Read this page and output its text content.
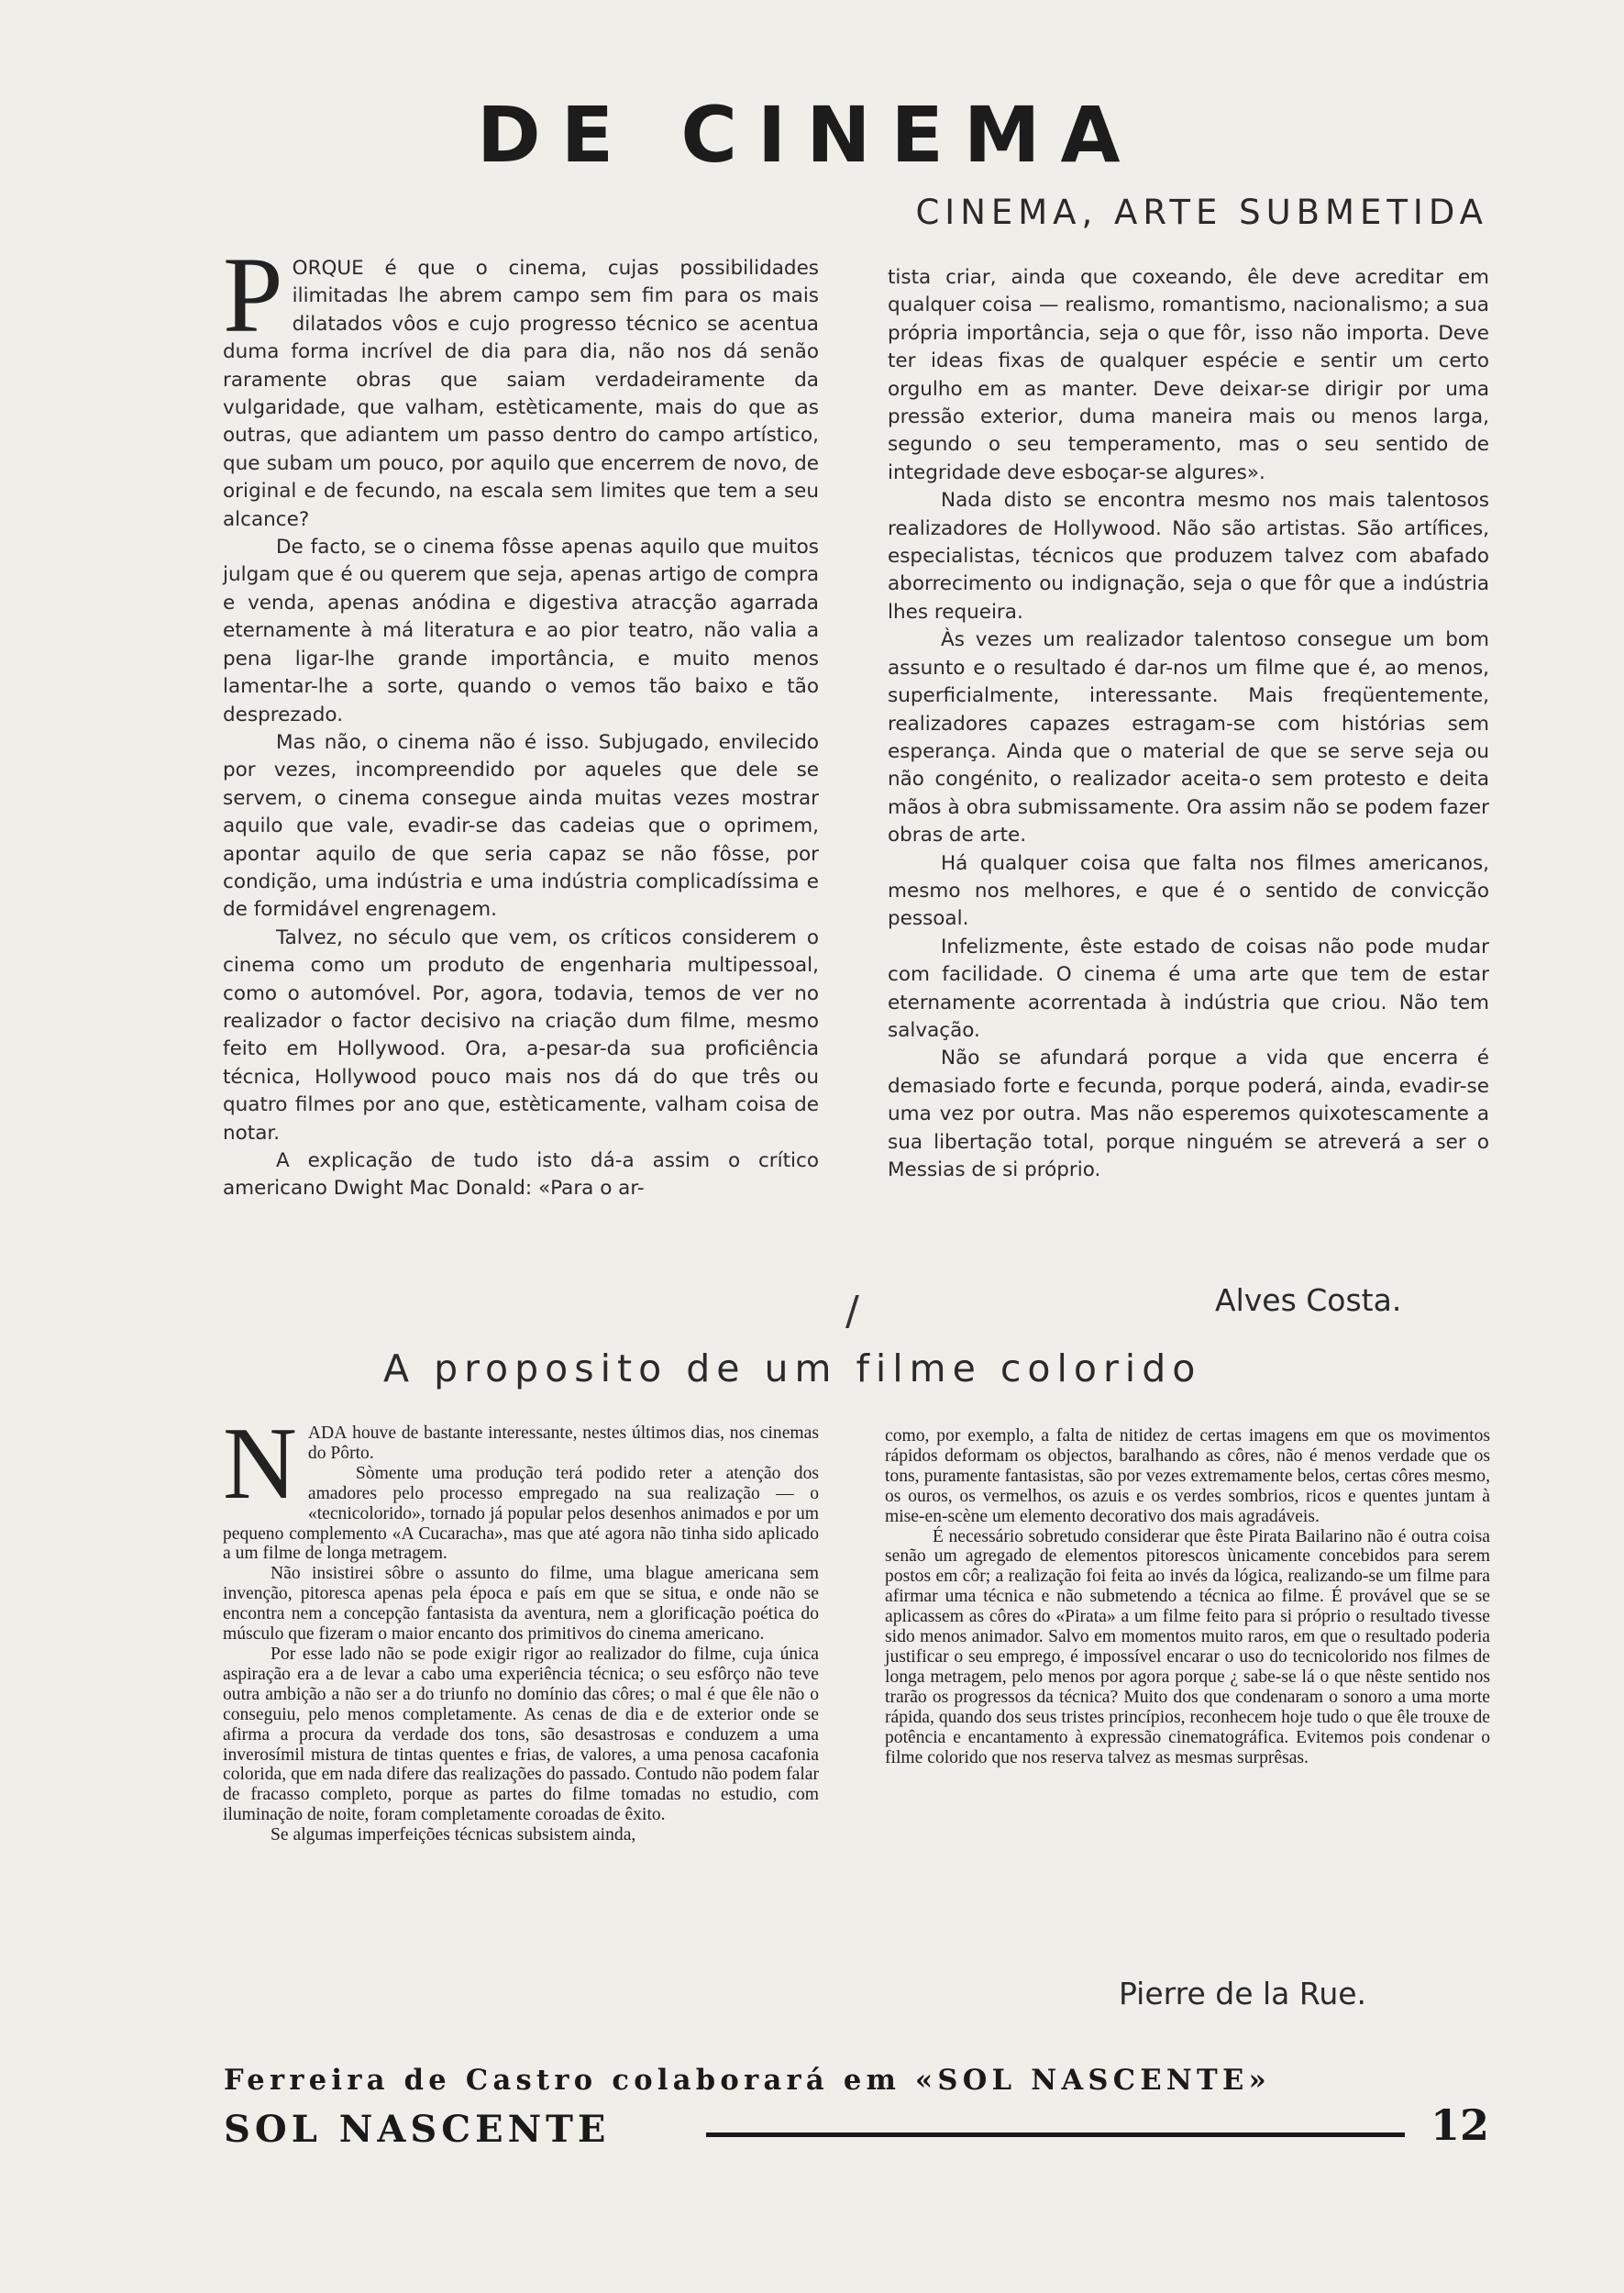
DE CINEMA
CINEMA, ARTE SUBMETIDA

PORQUE é que o cinema, cujas possibilidades ilimitadas lhe abrem campo sem fim para os mais dilatados vôos e cujo progresso técnico se acentua duma forma incrível de dia para dia, não nos dá senão raramente obras que saiam verdadeiramente da vulgaridade, que valham, estèticamente, mais do que as outras, que adiantem um passo dentro do campo artístico, que subam um pouco, por aquilo que encerrem de novo, de original e de fecundo, na escala sem limites que tem a seu alcance?

De facto, se o cinema fôsse apenas aquilo que muitos julgam que é ou querem que seja, apenas artigo de compra e venda, apenas anódina e digestiva atracção agarrada eternamente à má literatura e ao pior teatro, não valia a pena ligar-lhe grande importância, e muito menos lamentar-lhe a sorte, quando o vemos tão baixo e tão desprezado.

Mas não, o cinema não é isso. Subjugado, envilecido por vezes, incompreendido por aqueles que dele se servem, o cinema consegue ainda muitas vezes mostrar aquilo que vale, evadir-se das cadeias que o oprimem, apontar aquilo de que seria capaz se não fôsse, por condição, uma indústria e uma indústria complicadíssima e de formidável engrenagem.

Talvez, no século que vem, os críticos considerem o cinema como um produto de engenharia multipessoal, como o automóvel. Por, agora, todavia, temos de ver no realizador o factor decisivo na criação dum filme, mesmo feito em Hollywood. Ora, a-pesar-da sua proficiência técnica, Hollywood pouco mais nos dá do que três ou quatro filmes por ano que, estèticamente, valham coisa de notar.

A explicação de tudo isto dá-a assim o crítico americano Dwight Mac Donald: «Para o ar-

tista criar, ainda que coxeando, êle deve acreditar em qualquer coisa — realismo, romantismo, nacionalismo; a sua própria importância, seja o que fôr, isso não importa. Deve ter ideas fixas de qualquer espécie e sentir um certo orgulho em as manter. Deve deixar-se dirigir por uma pressão exterior, duma maneira mais ou menos larga, segundo o seu temperamento, mas o seu sentido de integridade deve esboçar-se algures».

Nada disto se encontra mesmo nos mais talentosos realizadores de Hollywood. Não são artistas. São artífices, especialistas, técnicos que produzem talvez com abafado aborrecimento ou indignação, seja o que fôr que a indústria lhes requeira.

Às vezes um realizador talentoso consegue um bom assunto e o resultado é dar-nos um filme que é, ao menos, superficialmente, interessante. Mais freqüentemente, realizadores capazes estragam-se com histórias sem esperança. Ainda que o material de que se serve seja ou não congénito, o realizador aceita-o sem protesto e deita mãos à obra submissamente. Ora assim não se podem fazer obras de arte.

Há qualquer coisa que falta nos filmes americanos, mesmo nos melhores, e que é o sentido de convicção pessoal.

Infelizmente, êste estado de coisas não pode mudar com facilidade. O cinema é uma arte que tem de estar eternamente acorrentada à indústria que criou. Não tem salvação.

Não se afundará porque a vida que encerra é demasiado forte e fecunda, porque poderá, ainda, evadir-se uma vez por outra. Mas não esperemos quixotescamente a sua libertação total, porque ninguém se atreverá a ser o Messias de si próprio.

Alves Costa.

/
A proposito de um filme colorido

NADA houve de bastante interessante, nestes últimos dias, nos cinemas do Pôrto.

Sòmente uma produção terá podido reter a atenção dos amadores pelo processo empregado na sua realização — o «tecnicolorido», tornado já popular pelos desenhos animados e por um pequeno complemento «A Cucaracha», mas que até agora não tinha sido aplicado a um filme de longa metragem.

Não insistirei sôbre o assunto do filme, uma blague americana sem invenção, pitoresca apenas pela época e país em que se situa, e onde não se encontra nem a concepção fantasista da aventura, nem a glorificação poética do músculo que fizeram o maior encanto dos primitivos do cinema americano.

Por esse lado não se pode exigir rigor ao realizador do filme, cuja única aspiração era a de levar a cabo uma experiência técnica; o seu esfôrço não teve outra ambição a não ser a do triunfo no domínio das côres; o mal é que êle não o conseguiu, pelo menos completamente. As cenas de dia e de exterior onde se afirma a procura da verdade dos tons, são desastrosas e conduzem a uma inverosímil mistura de tintas quentes e frias, de valores, a uma penosa cacafonia colorida, que em nada difere das realizações do passado. Contudo não podem falar de fracasso completo, porque as partes do filme tomadas no estudio, com iluminação de noite, foram completamente coroadas de êxito.

Se algumas imperfeições técnicas subsistem ainda,

como, por exemplo, a falta de nitidez de certas imagens em que os movimentos rápidos deformam os objectos, baralhando as côres, não é menos verdade que os tons, puramente fantasistas, são por vezes extremamente belos, certas côres mesmo, os ouros, os vermelhos, os azuis e os verdes sombrios, ricos e quentes juntam à mise-en-scène um elemento decorativo dos mais agradáveis.

É necessário sobretudo considerar que êste Pirata Bailarino não é outra coisa senão um agregado de elementos pitorescos ùnicamente concebidos para serem postos em côr; a realização foi feita ao invés da lógica, realizando-se um filme para afirmar uma técnica e não submetendo a técnica ao filme. É provável que se se aplicassem as côres do «Pirata» a um filme feito para si próprio o resultado tivesse sido menos animador. Salvo em momentos muito raros, em que o resultado poderia justificar o seu emprego, é impossível encarar o uso do tecnicolorido nos filmes de longa metragem, pelo menos por agora porque ¿ sabe-se lá o que nêste sentido nos trarão os progressos da técnica? Muito dos que condenaram o sonoro a uma morte rápida, quando dos seus tristes princípios, reconhecem hoje tudo o que êle trouxe de potência e encantamento à expressão cinematográfica. Evitemos pois condenar o filme colorido que nos reserva talvez as mesmas surprêsas.

Pierre de la Rue.

Ferreira de Castro colaborará em «SOL NASCENTE»

SOL NASCENTE	12
